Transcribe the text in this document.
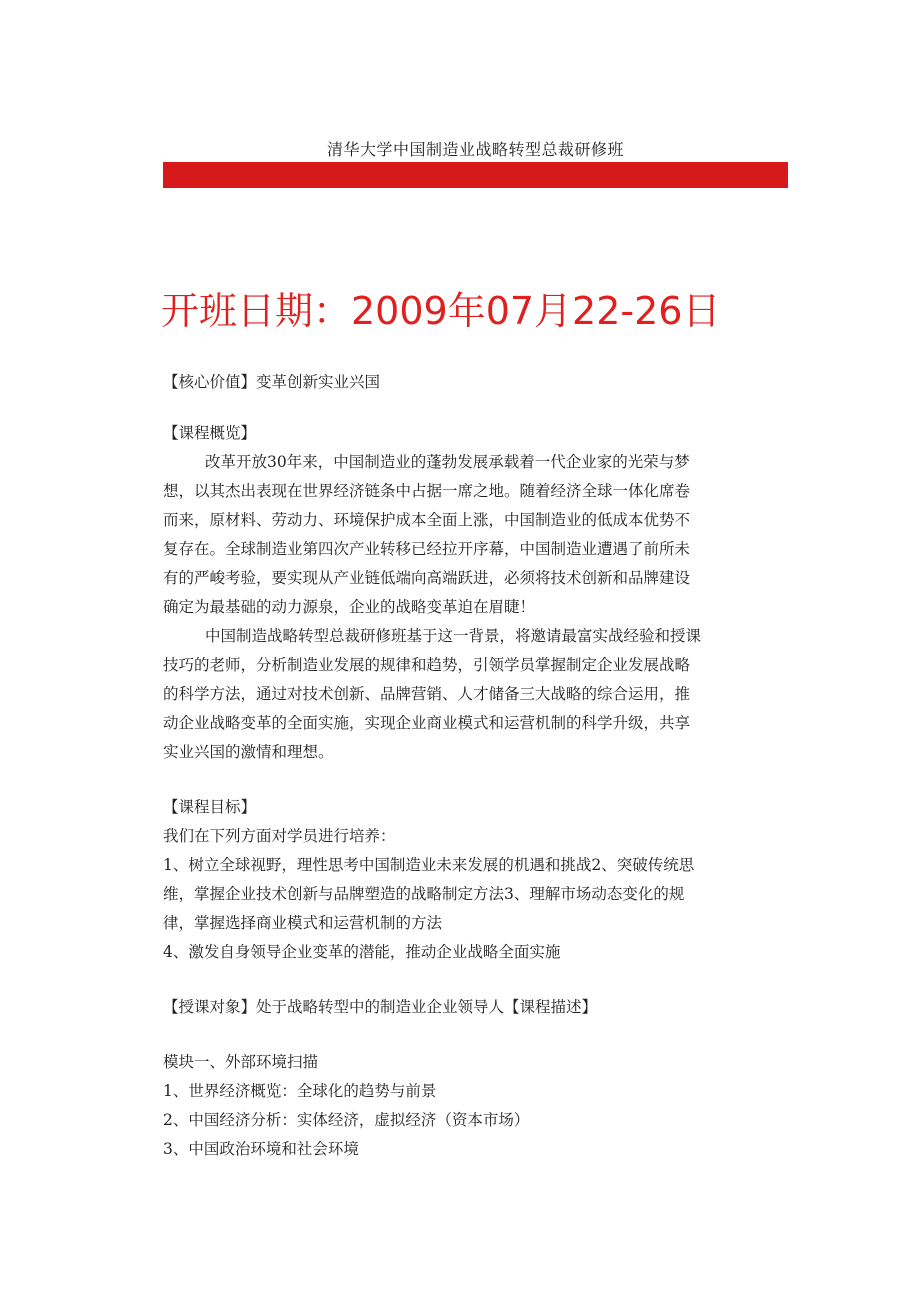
清华大学中国制造业战略转型总裁研修班
开班日期：2009年07月22-26日
【核心价值】变革创新实业兴国
【课程概览】
改革开放30年来，中国制造业的蓬勃发展承载着一代企业家的光荣与梦
想，以其杰出表现在世界经济链条中占据一席之地。随着经济全球一体化席卷
而来，原材料、劳动力、环境保护成本全面上涨，中国制造业的低成本优势不
复存在。全球制造业第四次产业转移已经拉开序幕，中国制造业遭遇了前所未
有的严峻考验，要实现从产业链低端向高端跃进，必须将技术创新和品牌建设
确定为最基础的动力源泉，企业的战略变革迫在眉睫！
中国制造战略转型总裁研修班基于这一背景，将邀请最富实战经验和授课
技巧的老师，分析制造业发展的规律和趋势，引领学员掌握制定企业发展战略
的科学方法，通过对技术创新、品牌营销、人才储备三大战略的综合运用，推
动企业战略变革的全面实施，实现企业商业模式和运营机制的科学升级，共享
实业兴国的激情和理想。
【课程目标】
我们在下列方面对学员进行培养：
1、树立全球视野，理性思考中国制造业未来发展的机遇和挑战2、突破传统思
维，掌握企业技术创新与品牌塑造的战略制定方法3、理解市场动态变化的规
律，掌握选择商业模式和运营机制的方法
4、激发自身领导企业变革的潜能，推动企业战略全面实施
【授课对象】处于战略转型中的制造业企业领导人【课程描述】
模块一、外部环境扫描
1、世界经济概览：全球化的趋势与前景
2、中国经济分析：实体经济，虚拟经济（资本市场）
3、中国政治环境和社会环境
